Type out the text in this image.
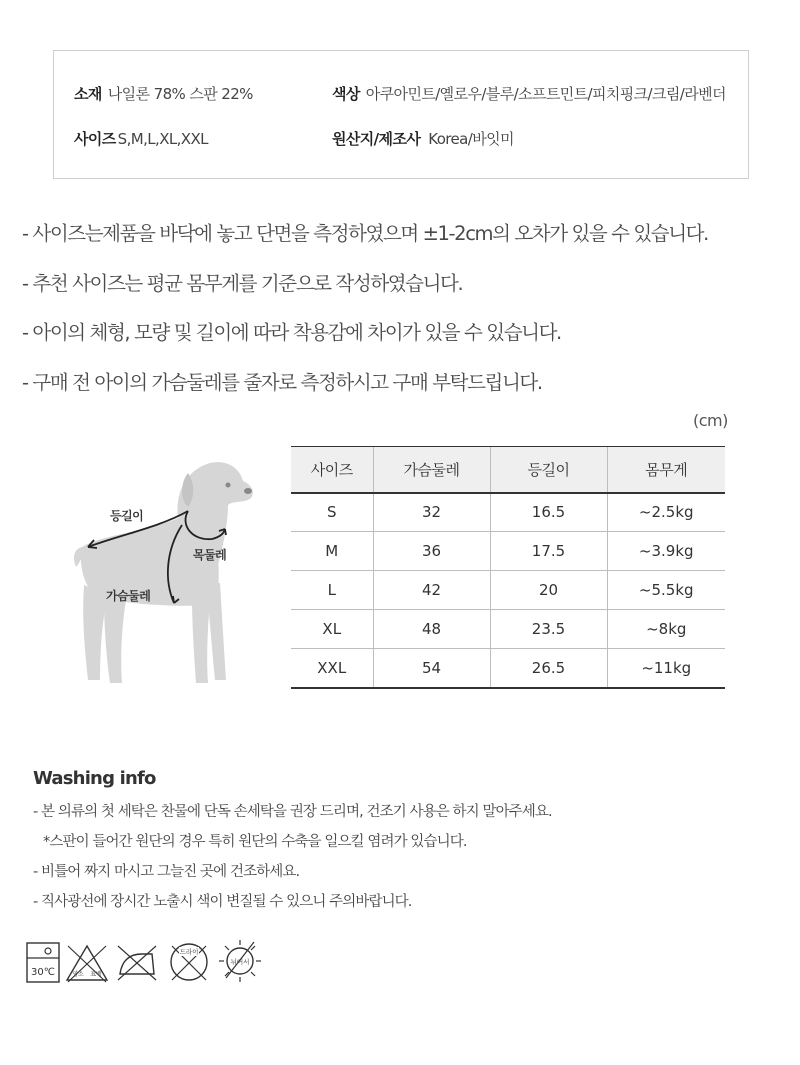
소재 나일론 78% 스판 22%	색상 아쿠아민트/옐로우/블루/소프트민트/피치핑크/크림/라벤더
사이즈 S,M,L,XL,XXL	원산지/제조사 Korea/바잇미
- 사이즈는제품을 바닥에 놓고 단면을 측정하였으며 ±1-2cm의 오차가 있을 수 있습니다.
- 추천 사이즈는 평균 몸무게를 기준으로 작성하였습니다.
- 아이의 체형, 모량 및 길이에 따라 착용감에 차이가 있을 수 있습니다.
- 구매 전 아이의 가슴둘레를 줄자로 측정하시고 구매 부탁드립니다.
(cm)
등길이
목둘레
가슴둘레
사이즈	가슴둘레	등길이	몸무게
S	32	16.5	~2.5kg
M	36	17.5	~3.9kg
L	42	20	~5.5kg
XL	48	23.5	~8kg
XXL	54	26.5	~11kg
Washing info
- 본 의류의 첫 세탁은 찬물에 단독 손세탁을 권장 드리며, 건조기 사용은 하지 말아주세요.
*스판이 들어간 원단의 경우 특히 원단의 수축을 일으킬 염려가 있습니다.
- 비틀어 짜지 마시고 그늘진 곳에 건조하세요.
- 직사광선에 장시간 노출시 색이 변질될 수 있으니 주의바랍니다.
30℃	염소 표백
드라이
뉘어서
